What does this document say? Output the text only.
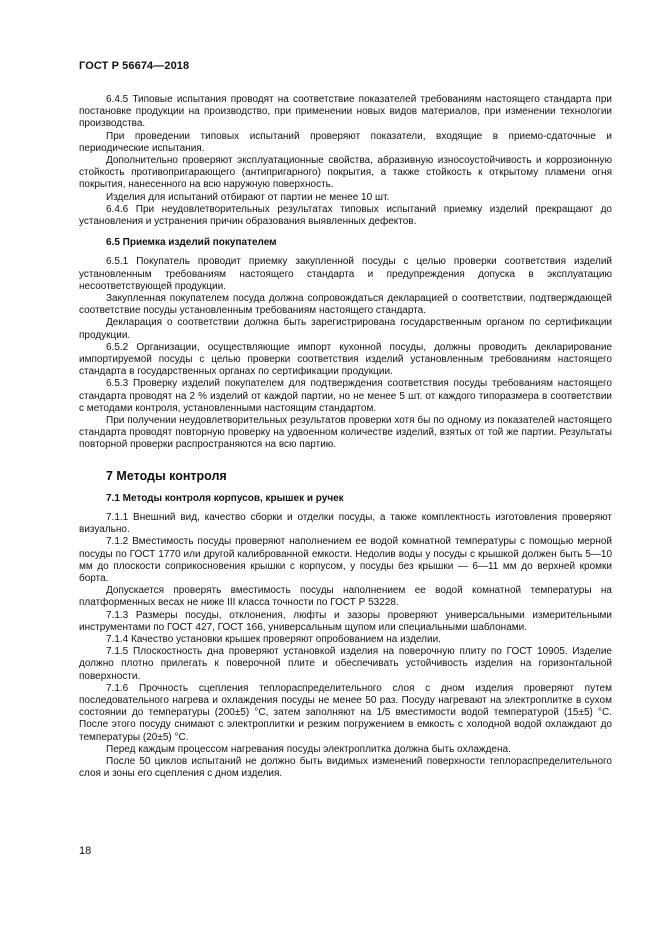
ГОСТ Р 56674—2018

6.4.5 Типовые испытания проводят на соответствие показателей требованиям настоящего стандарта при постановке продукции на производство, при применении новых видов материалов, при изменении технологии производства.

При проведении типовых испытаний проверяют показатели, входящие в приемо-сдаточные и периодические испытания.

Дополнительно проверяют эксплуатационные свойства, абразивную износоустойчивость и коррозионную стойкость противопригарающего (антипригарного) покрытия, а также стойкость к открытому пламени огня покрытия, нанесенного на всю наружную поверхность.

Изделия для испытаний отбирают от партии не менее 10 шт.

6.4.6 При неудовлетворительных результатах типовых испытаний приемку изделий прекращают до установления и устранения причин образования выявленных дефектов.

6.5 Приемка изделий покупателем

6.5.1 Покупатель проводит приемку закупленной посуды с целью проверки соответствия изделий установленным требованиям настоящего стандарта и предупреждения допуска в эксплуатацию несоответствующей продукции.

Закупленная покупателем посуда должна сопровождаться декларацией о соответствии, подтверждающей соответствие посуды установленным требованиям настоящего стандарта.

Декларация о соответствии должна быть зарегистрирована государственным органом по сертификации продукции.

6.5.2 Организации, осуществляющие импорт кухонной посуды, должны проводить декларирование импортируемой посуды с целью проверки соответствия изделий установленным требованиям настоящего стандарта в государственных органах по сертификации продукции.

6.5.3 Проверку изделий покупателем для подтверждения соответствия посуды требованиям настоящего стандарта проводят на 2 % изделий от каждой партии, но не менее 5 шт. от каждого типоразмера в соответствии с методами контроля, установленными настоящим стандартом.

При получении неудовлетворительных результатов проверки хотя бы по одному из показателей настоящего стандарта проводят повторную проверку на удвоенном количестве изделий, взятых от той же партии. Результаты повторной проверки распространяются на всю партию.

7 Методы контроля
7.1 Методы контроля корпусов, крышек и ручек

7.1.1 Внешний вид, качество сборки и отделки посуды, а также комплектность изготовления проверяют визуально.

7.1.2 Вместимость посуды проверяют наполнением ее водой комнатной температуры с помощью мерной посуды по ГОСТ 1770 или другой калиброванной емкости. Недолив воды у посуды с крышкой должен быть 5—10 мм до плоскости соприкосновения крышки с корпусом, у посуды без крышки — 6—11 мм до верхней кромки борта.

Допускается проверять вместимость посуды наполнением ее водой комнатной температуры на платформенных весах не ниже III класса точности по ГОСТ Р 53228.

7.1.3 Размеры посуды, отклонения, люфты и зазоры проверяют универсальными измерительными инструментами по ГОСТ 427, ГОСТ 166, универсальным щупом или специальными шаблонами.

7.1.4 Качество установки крышек проверяют опробованием на изделии.

7.1.5 Плоскостность дна проверяют установкой изделия на поверочную плиту по ГОСТ 10905. Изделие должно плотно прилегать к поверочной плите и обеспечивать устойчивость изделия на горизонтальной поверхности.

7.1.6 Прочность сцепления теплораспределительного слоя с дном изделия проверяют путем последовательного нагрева и охлаждения посуды не менее 50 раз. Посуду нагревают на электроплитке в сухом состоянии до температуры (200±5) °С, затем заполняют на 1/5 вместимости водой температурой (15±5) °С. После этого посуду снимают с электроплитки и резким погружением в емкость с холодной водой охлаждают до температуры (20±5) °С.

Перед каждым процессом нагревания посуды электроплитка должна быть охлаждена.

После 50 циклов испытаний не должно быть видимых изменений поверхности теплораспределительного слоя и зоны его сцепления с дном изделия.

18
